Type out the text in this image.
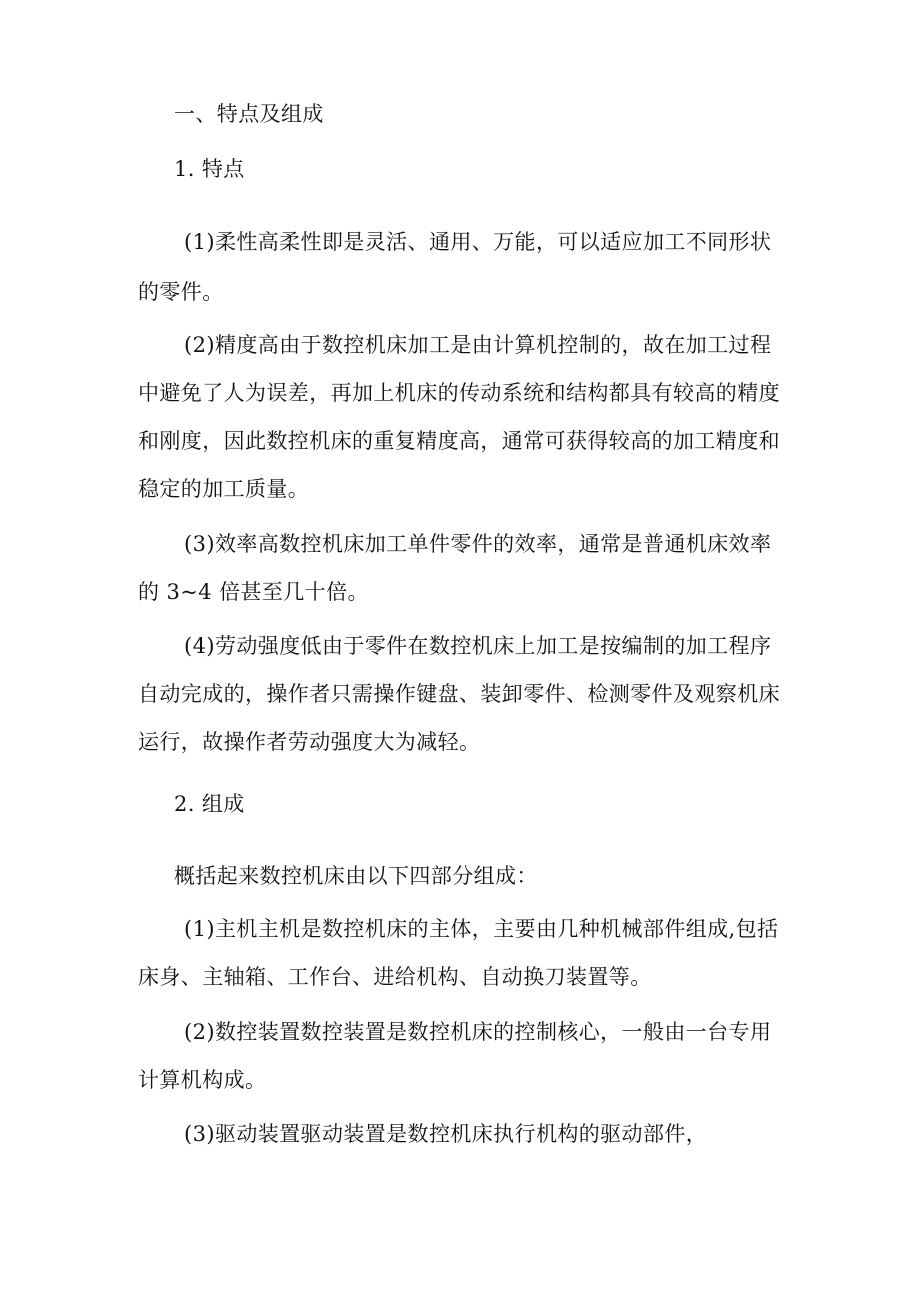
一、特点及组成
1. 特点
(1)柔性高柔性即是灵活、通用、万能，可以适应加工不同形状
的零件。
(2)精度高由于数控机床加工是由计算机控制的，故在加工过程
中避免了人为误差，再加上机床的传动系统和结构都具有较高的精度
和刚度，因此数控机床的重复精度高，通常可获得较高的加工精度和
稳定的加工质量。
(3)效率高数控机床加工单件零件的效率，通常是普通机床效率
的 3~4 倍甚至几十倍。
(4)劳动强度低由于零件在数控机床上加工是按编制的加工程序
自动完成的，操作者只需操作键盘、装卸零件、检测零件及观察机床
运行，故操作者劳动强度大为减轻。
2. 组成
概括起来数控机床由以下四部分组成：
(1)主机主机是数控机床的主体，主要由几种机械部件组成,包括
床身、主轴箱、工作台、进给机构、自动换刀装置等。
(2)数控装置数控装置是数控机床的控制核心，一般由一台专用
计算机构成。
(3)驱动装置驱动装置是数控机床执行机构的驱动部件，
